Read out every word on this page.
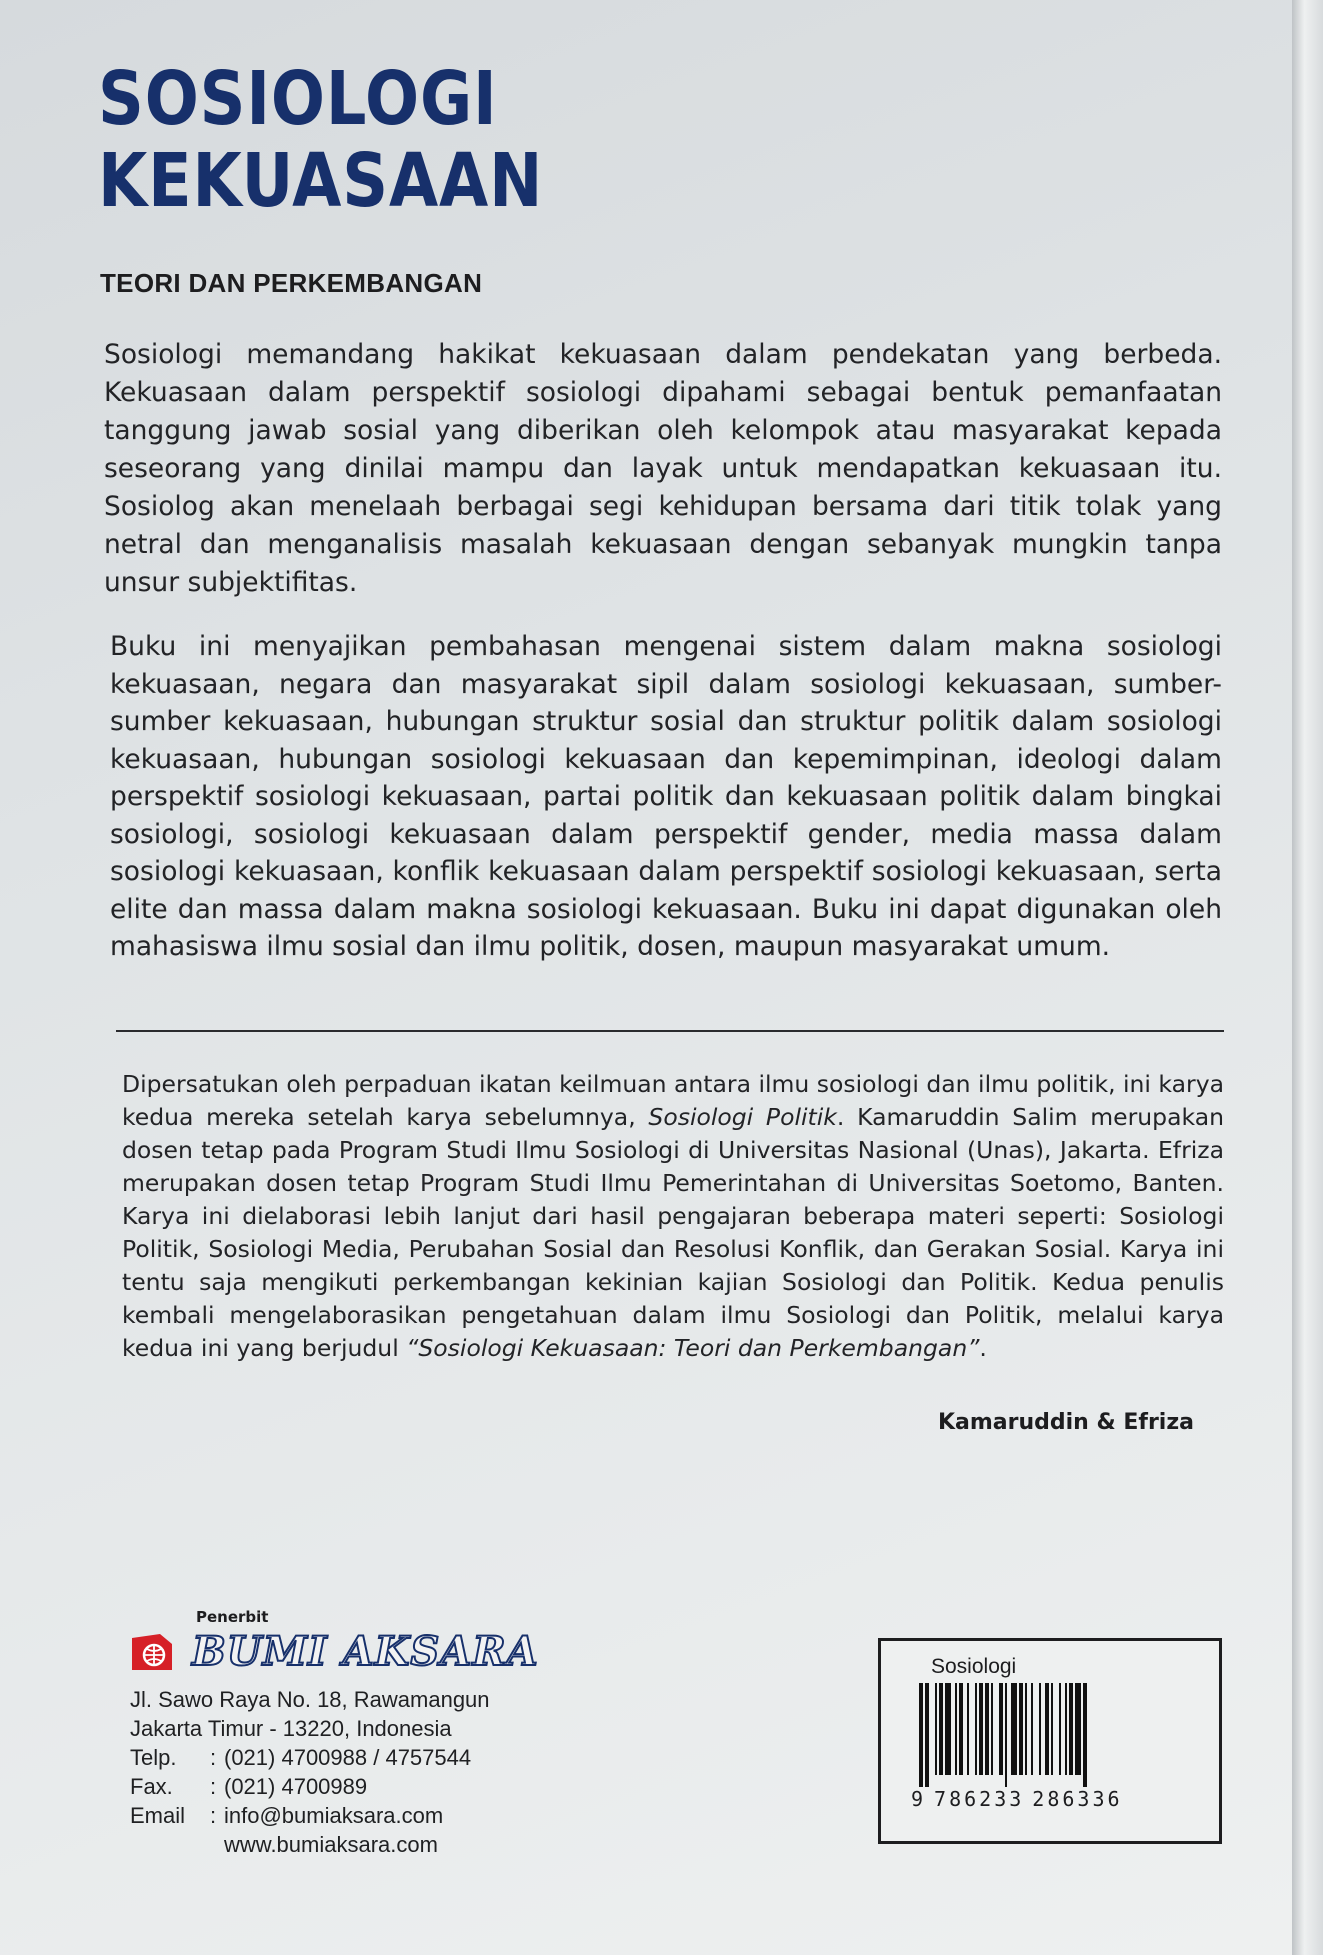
SOSIOLOGI
KEKUASAAN
TEORI DAN PERKEMBANGAN

Sosiologi memandang hakikat kekuasaan dalam pendekatan yang berbeda. Kekuasaan dalam perspektif sosiologi dipahami sebagai bentuk pemanfaatan tanggung jawab sosial yang diberikan oleh kelompok atau masyarakat kepada seseorang yang dinilai mampu dan layak untuk mendapatkan kekuasaan itu. Sosiolog akan menelaah berbagai segi kehidupan bersama dari titik tolak yang netral dan menganalisis masalah kekuasaan dengan sebanyak mungkin tanpa unsur subjektifitas.

Buku ini menyajikan pembahasan mengenai sistem dalam makna sosiologi kekuasaan, negara dan masyarakat sipil dalam sosiologi kekuasaan, sumber-sumber kekuasaan, hubungan struktur sosial dan struktur politik dalam sosiologi kekuasaan, hubungan sosiologi kekuasaan dan kepemimpinan, ideologi dalam perspektif sosiologi kekuasaan, partai politik dan kekuasaan politik dalam bingkai sosiologi, sosiologi kekuasaan dalam perspektif gender, media massa dalam sosiologi kekuasaan, konflik kekuasaan dalam perspektif sosiologi kekuasaan, serta elite dan massa dalam makna sosiologi kekuasaan. Buku ini dapat digunakan oleh mahasiswa ilmu sosial dan ilmu politik, dosen, maupun masyarakat umum.

Dipersatukan oleh perpaduan ikatan keilmuan antara ilmu sosiologi dan ilmu politik, ini karya kedua mereka setelah karya sebelumnya, Sosiologi Politik. Kamaruddin Salim merupakan dosen tetap pada Program Studi Ilmu Sosiologi di Universitas Nasional (Unas), Jakarta. Efriza merupakan dosen tetap Program Studi Ilmu Pemerintahan di Universitas Soetomo, Banten. Karya ini dielaborasi lebih lanjut dari hasil pengajaran beberapa materi seperti: Sosiologi Politik, Sosiologi Media, Perubahan Sosial dan Resolusi Konflik, dan Gerakan Sosial. Karya ini tentu saja mengikuti perkembangan kekinian kajian Sosiologi dan Politik. Kedua penulis kembali mengelaborasikan pengetahuan dalam ilmu Sosiologi dan Politik, melalui karya kedua ini yang berjudul “Sosiologi Kekuasaan: Teori dan Perkembangan”.

Kamaruddin & Efriza
Penerbit
BUMI AKSARA
Jl. Sawo Raya No. 18, Rawamangun
Jakarta Timur - 13220, Indonesia
Telp.	: (021) 4700988 / 4757544
Fax.	: (021) 4700989
Email	: info@bumiaksara.com
www.bumiaksara.com
Sosiologi
9 786233 286336
